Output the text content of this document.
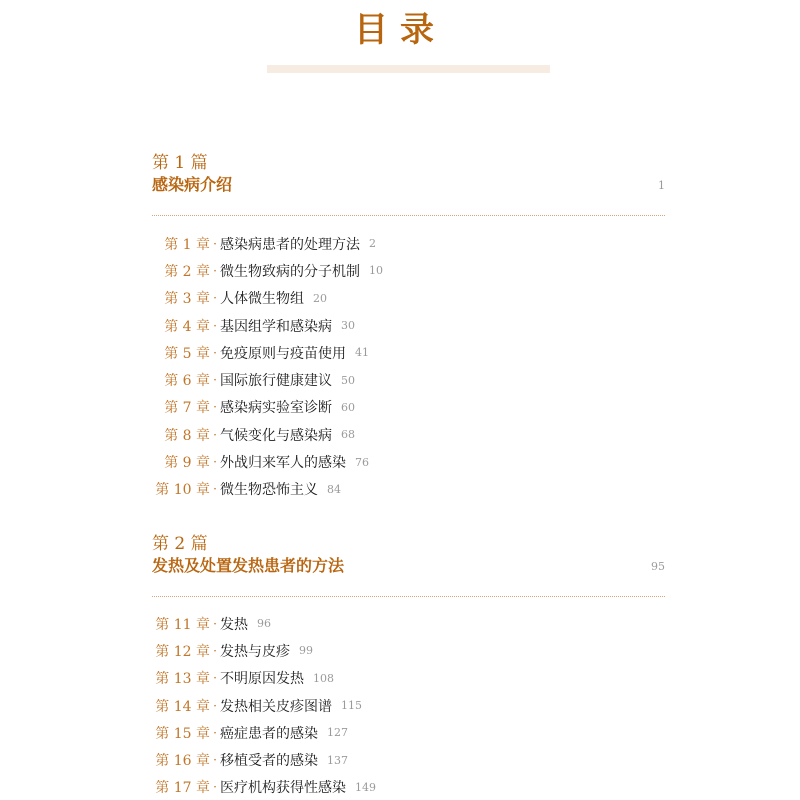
目录
第 1 篇
感染病介绍	1
第 1 章 · 感染病患者的处理方法 2
第 2 章 · 微生物致病的分子机制 10
第 3 章 · 人体微生物组 20
第 4 章 · 基因组学和感染病 30
第 5 章 · 免疫原则与疫苗使用 41
第 6 章 · 国际旅行健康建议 50
第 7 章 · 感染病实验室诊断 60
第 8 章 · 气候变化与感染病 68
第 9 章 · 外战归来军人的感染 76
第 10 章 · 微生物恐怖主义 84
第 2 篇
发热及处置发热患者的方法	95
第 11 章 · 发热 96
第 12 章 · 发热与皮疹 99
第 13 章 · 不明原因发热 108
第 14 章 · 发热相关皮疹图谱 115
第 15 章 · 癌症患者的感染 127
第 16 章 · 移植受者的感染 137
第 17 章 · 医疗机构获得性感染 149
